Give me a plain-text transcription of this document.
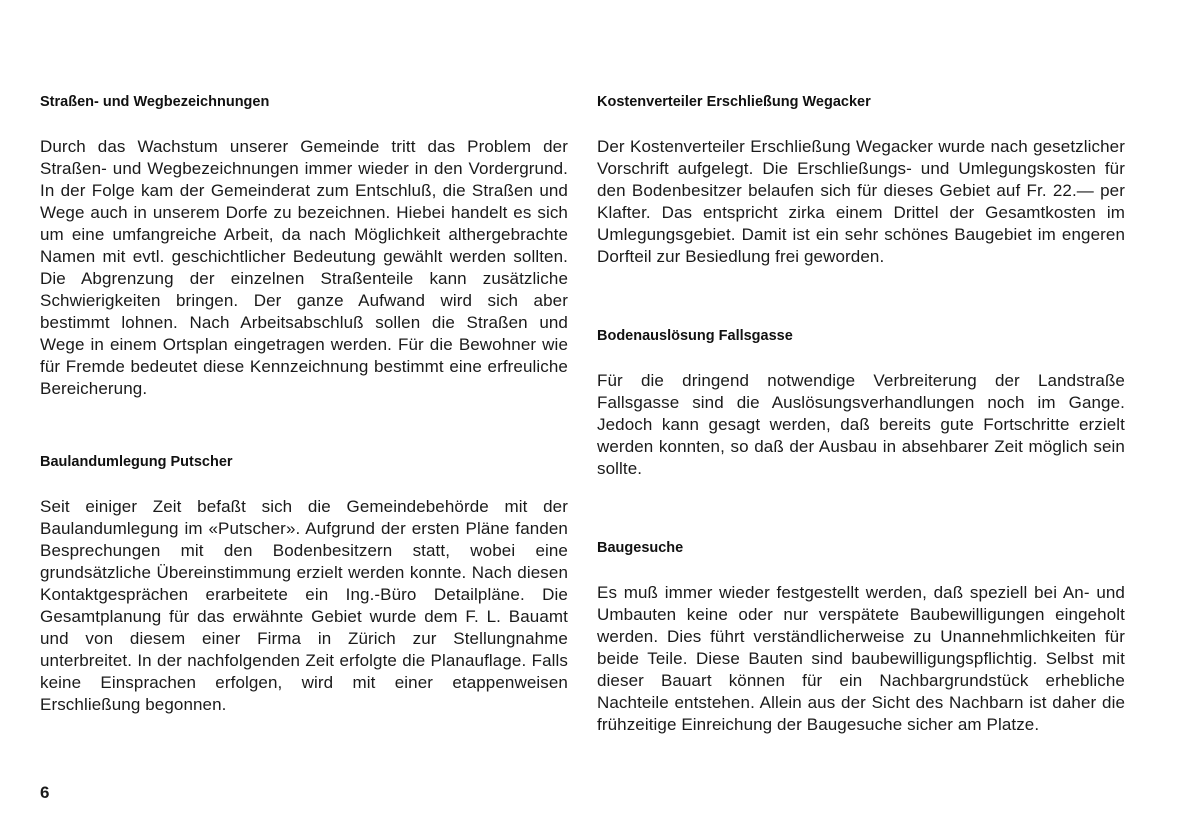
Straßen- und Wegbezeichnungen

Durch das Wachstum unserer Gemeinde tritt das Problem der Straßen- und Wegbezeichnungen immer wieder in den Vordergrund. In der Folge kam der Gemeinderat zum Entschluß, die Straßen und Wege auch in unserem Dorfe zu bezeichnen. Hiebei handelt es sich um eine umfangreiche Arbeit, da nach Möglichkeit althergebrachte Namen mit evtl. geschichtlicher Bedeutung gewählt werden sollten. Die Abgrenzung der einzelnen Straßenteile kann zusätzliche Schwierigkeiten bringen. Der ganze Aufwand wird sich aber bestimmt lohnen. Nach Arbeitsabschluß sollen die Straßen und Wege in einem Ortsplan eingetragen werden. Für die Bewohner wie für Fremde bedeutet diese Kennzeichnung bestimmt eine erfreuliche Bereicherung.

Baulandumlegung Putscher

Seit einiger Zeit befaßt sich die Gemeindebehörde mit der Baulandumlegung im «Putscher». Aufgrund der ersten Pläne fanden Besprechungen mit den Bodenbesitzern statt, wobei eine grundsätzliche Übereinstimmung erzielt werden konnte. Nach diesen Kontaktgesprächen erarbeitete ein Ing.-Büro Detailpläne. Die Gesamtplanung für das erwähnte Gebiet wurde dem F. L. Bauamt und von diesem einer Firma in Zürich zur Stellungnahme unterbreitet. In der nachfolgenden Zeit erfolgte die Planauflage. Falls keine Einsprachen erfolgen, wird mit einer etappenweisen Erschließung begonnen.

Kostenverteiler Erschließung Wegacker

Der Kostenverteiler Erschließung Wegacker wurde nach gesetzlicher Vorschrift aufgelegt. Die Erschließungs- und Umlegungskosten für den Bodenbesitzer belaufen sich für dieses Gebiet auf Fr. 22.— per Klafter. Das entspricht zirka einem Drittel der Gesamtkosten im Umlegungsgebiet. Damit ist ein sehr schönes Baugebiet im engeren Dorfteil zur Besiedlung frei geworden.

Bodenauslösung Fallsgasse

Für die dringend notwendige Verbreiterung der Landstraße Fallsgasse sind die Auslösungsverhandlungen noch im Gange. Jedoch kann gesagt werden, daß bereits gute Fortschritte erzielt werden konnten, so daß der Ausbau in absehbarer Zeit möglich sein sollte.

Baugesuche

Es muß immer wieder festgestellt werden, daß speziell bei An- und Umbauten keine oder nur verspätete Baubewilligungen eingeholt werden. Dies führt verständlicherweise zu Unannehmlichkeiten für beide Teile. Diese Bauten sind baubewilligungspflichtig. Selbst mit dieser Bauart können für ein Nachbargrundstück erhebliche Nachteile entstehen. Allein aus der Sicht des Nachbarn ist daher die frühzeitige Einreichung der Baugesuche sicher am Platze.

6
